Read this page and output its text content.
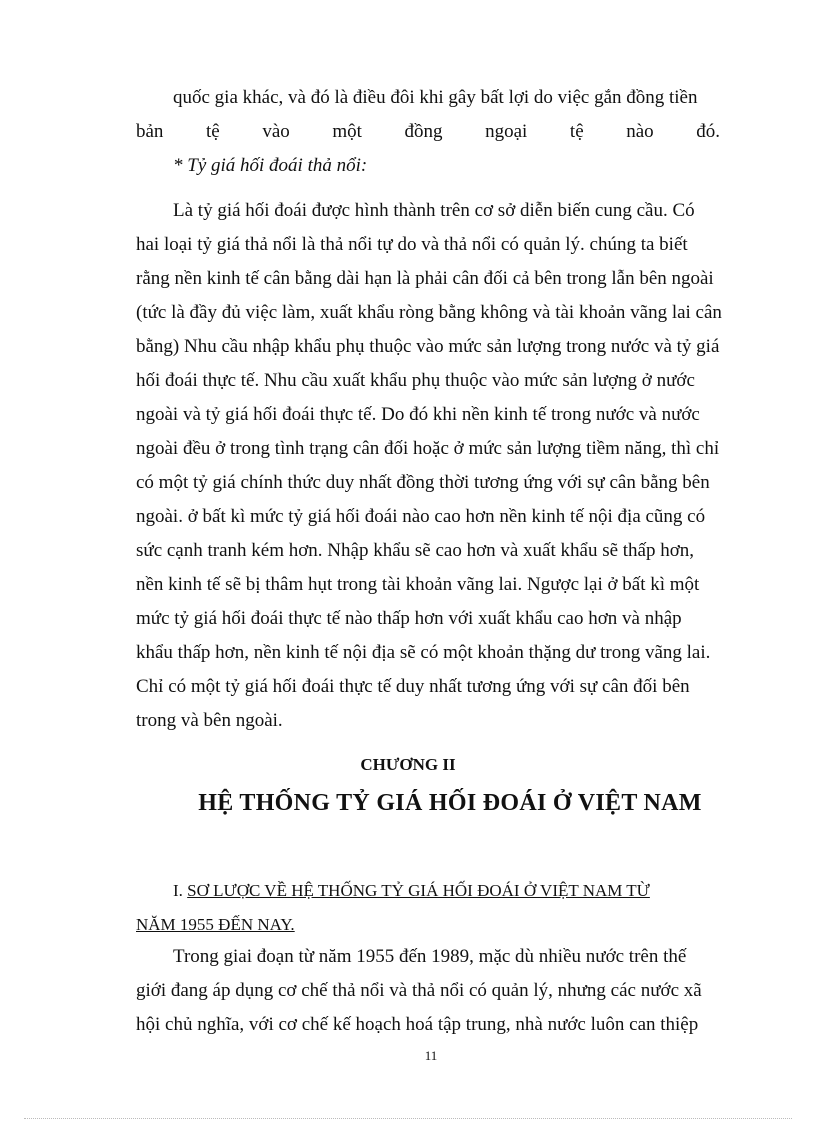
quốc gia khác, và đó là điều đôi khi gây bất lợi do việc gắn đồng tiền
bản tệ vào một đồng ngoại tệ nào đó.
* Tỷ giá hối đoái thả nổi:
Là tỷ giá hối đoái được hình thành trên cơ sở diễn biến cung cầu. Có
hai loại tỷ giá thả nổi là thả nổi tự do và thả nổi có quản lý. chúng ta biết
rằng nền kinh tế cân bằng dài hạn là phải cân đối cả bên trong lẫn bên ngoài
(tức là đầy đủ việc làm, xuất khẩu ròng bằng không và tài khoản vãng lai cân
bằng) Nhu cầu nhập khẩu phụ thuộc vào mức sản lượng trong nước và tỷ giá
hối đoái thực tế. Nhu cầu xuất khẩu phụ thuộc vào mức sản lượng ở nước
ngoài và tỷ giá hối đoái thực tế. Do đó khi nền kinh tế trong nước và nước
ngoài đều ở trong tình trạng cân đối hoặc ở mức sản lượng tiềm năng, thì chỉ
có một tỷ giá chính thức duy nhất đồng thời tương ứng với sự cân bằng bên
ngoài. ở bất kì mức tỷ giá hối đoái nào cao hơn nền kinh tế nội địa cũng có
sức cạnh tranh kém hơn. Nhập khẩu sẽ cao hơn và xuất khẩu sẽ thấp hơn,
nền kinh tế sẽ bị thâm hụt trong tài khoản vãng lai. Ngược lại ở bất kì một
mức tỷ giá hối đoái thực tế nào thấp hơn với xuất khẩu cao hơn và nhập
khẩu thấp hơn, nền kinh tế nội địa sẽ có một khoản thặng dư trong vãng lai.
Chỉ có một tỷ giá hối đoái thực tế duy nhất tương ứng với sự cân đối bên
trong và bên ngoài.
CHƯƠNG II
HỆ THỐNG TỶ GIÁ HỐI ĐOÁI Ở VIỆT NAM
I. SƠ LƯỢC VỀ HỆ THỐNG TỶ GIÁ HỐI ĐOÁI Ở VIỆT NAM TỪ
NĂM 1955 ĐẾN NAY.
Trong giai đoạn từ năm 1955 đến 1989, mặc dù nhiều nước trên thế
giới đang áp dụng cơ chế thả nổi và thả nổi có quản lý, nhưng các nước xã
hội chủ nghĩa, với cơ chế kế hoạch hoá tập trung, nhà nước luôn can thiệp
11
